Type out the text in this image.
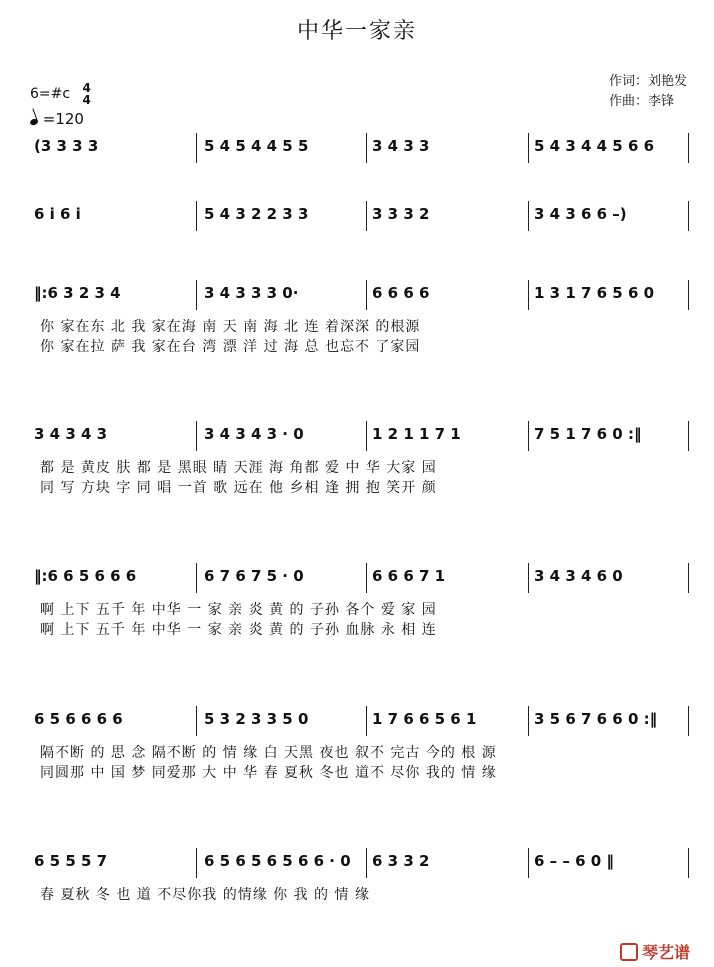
中华一家亲
作词：刘艳发
作曲：李锋
6=#c 4
4
=120
(3 3 3 3	5 4 5 4 4 5 5	3 4 3 3	5 4 3 4 4 5 6 6
6 i 6 i	5 4 3 2 2 3 3	3 3 3 2	3 4 3 6 6 –)
‖:6 3 2 3 4	3 4 3 3 3 0·	6 6 6 6	1 3 1 7 6 5 6 0
你 家在东 北 我 家在海 南 天 南 海 北 连 着深深 的根源
你 家在拉 萨 我 家在台 湾 漂 洋 过 海 总 也忘不 了家园
3 4 3 4 3	3 4 3 4 3 · 0	1 2 1 1 7 1	7 5 1 7 6 0 :‖
都 是 黄皮 肤 都 是 黑眼 睛 天涯 海 角都 爱 中 华 大家 园
同 写 方块 字 同 唱 一首 歌 远在 他 乡相 逢 拥 抱 笑开 颜
‖:6 6 5 6 6 6	6 7 6 7 5 · 0	6 6 6 7 1	3 4 3 4 6 0
啊 上下 五千 年 中华 一 家 亲 炎 黄 的 子孙 各个 爱 家 园
啊 上下 五千 年 中华 一 家 亲 炎 黄 的 子孙 血脉 永 相 连
6 5 6 6 6 6	5 3 2 3 3 5 0	1 7 6 6 5 6 1	3 5 6 7 6 6 0 :‖
隔不断 的 思 念 隔不断 的 情 缘 白 天黑 夜也 叙不 完古 今的 根 源
同圆那 中 国 梦 同爱那 大 中 华 春 夏秋 冬也 道不 尽你 我的 情 缘
6 5 5 5 7	6 5 6 5 6 5 6 6 · 0 6 3 3 2	6 – – 6 0 ‖
春 夏秋 冬 也 道 不尽你我 的情缘 你 我 的 情 缘
琴艺谱
